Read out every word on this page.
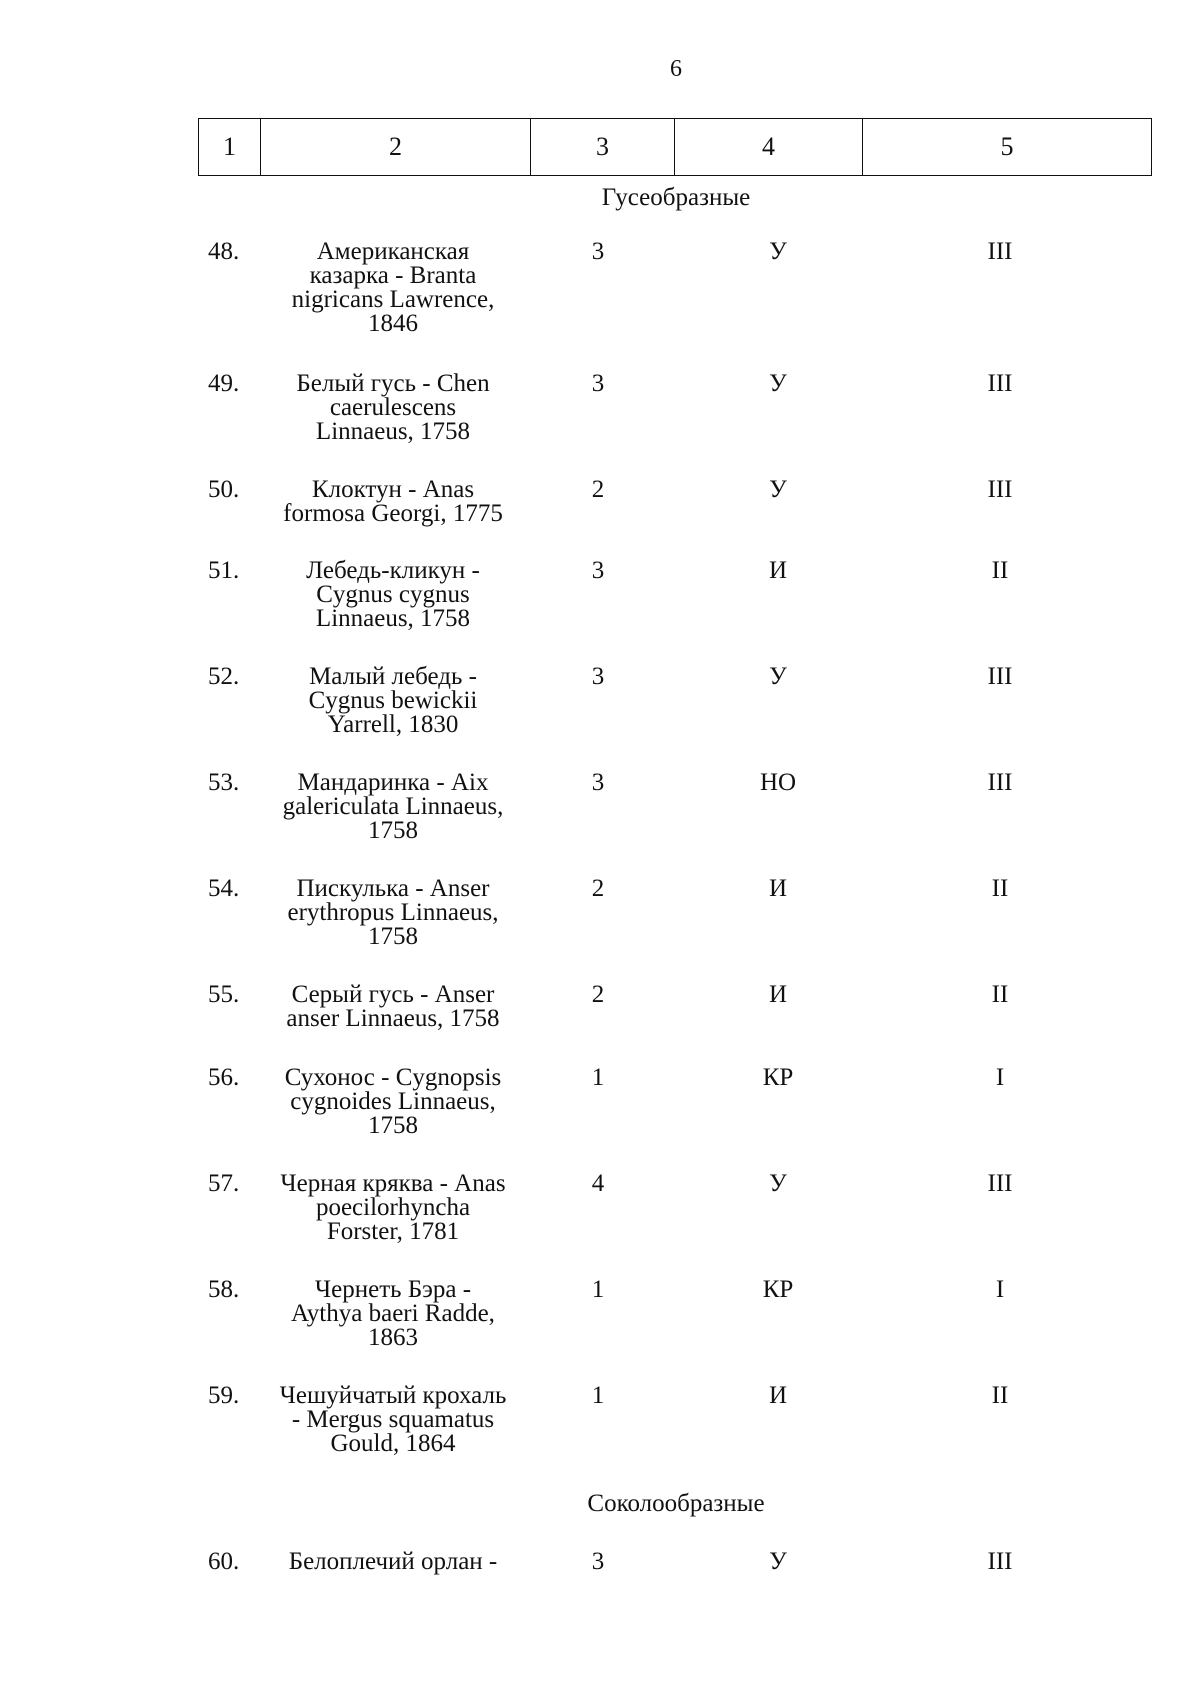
6
1	2	3	4	5
Гусеобразные
48.	Американская
казарка - Branta
nigricans Lawrence,
1846
3	У	III
49.	Белый гусь - Chen
caerulescens
Linnaeus, 1758
3	У	III
50.	Клоктун - Anas
formosa Georgi, 1775
2	У	III
51.	Лебедь-кликун -
Cygnus cygnus
Linnaeus, 1758
3	И	II
52.	Малый лебедь -
Cygnus bewickii
Yarrell, 1830
3	У	III
53.	Мандаринка - Aix
galericulata Linnaeus,
1758
3	НО	III
54.	Пискулька - Anser
erythropus Linnaeus,
1758
2	И	II
55.	Серый гусь - Anser
anser Linnaeus, 1758
2	И	II
56.	Сухонос - Cygnopsis
cygnoides Linnaeus,
1758
1	КР	I
57.	Черная кряква - Anas
poecilorhyncha
Forster, 1781
4	У	III
58.	Чернеть Бэра -
Aythya baeri Radde,
1863
1	КР	I
59.	Чешуйчатый крохаль
- Mergus squamatus
Gould, 1864
1	И	II
Соколообразные
60.	Белоплечий орлан -	3	У	III
